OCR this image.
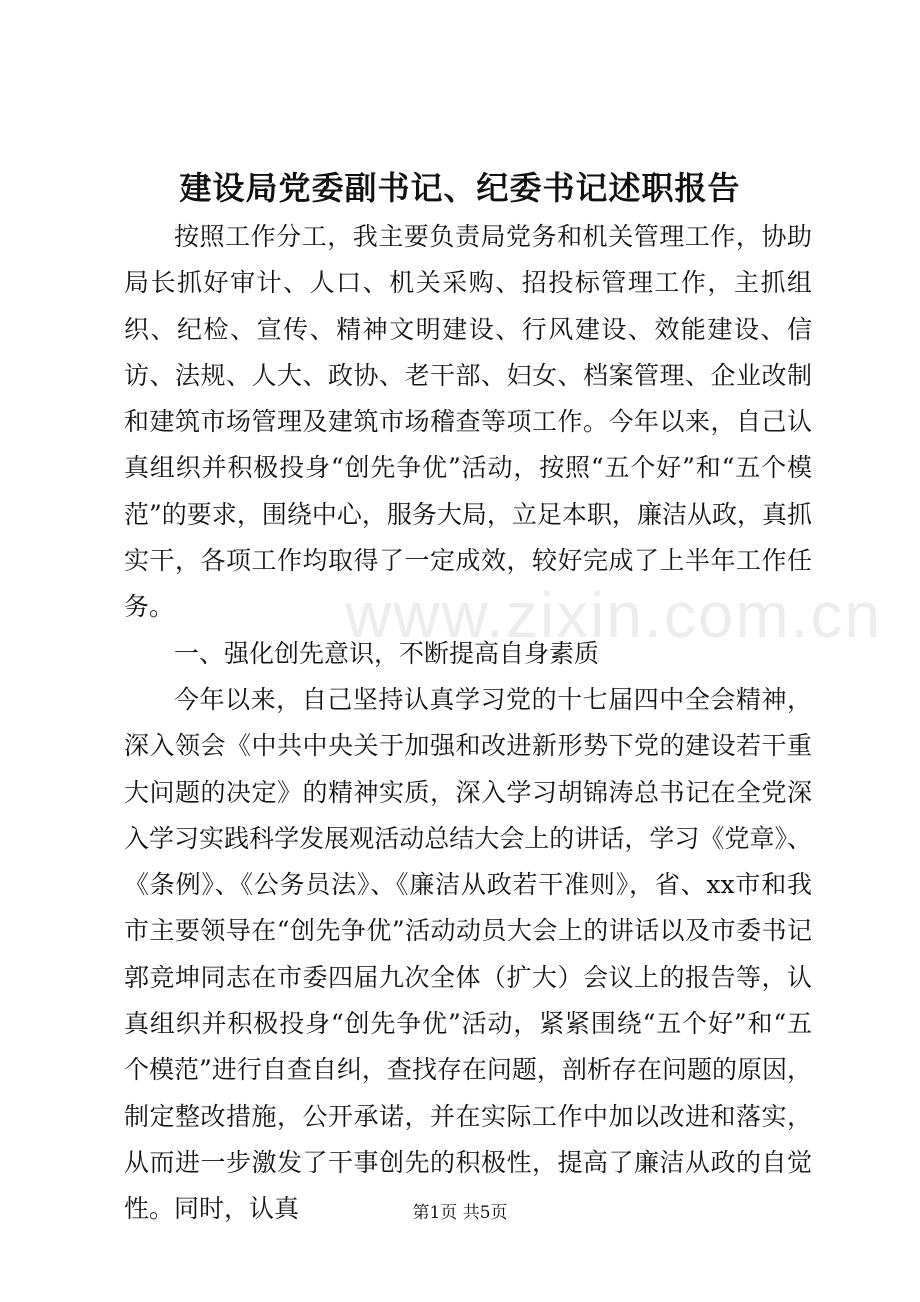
www.zixin.com.cn
建设局党委副书记、纪委书记述职报告

按照工作分工，我主要负责局党务和机关管理工作，协助局长抓好审计、人口、机关采购、招投标管理工作，主抓组织、纪检、宣传、精神文明建设、行风建设、效能建设、信访、法规、人大、政协、老干部、妇女、档案管理、企业改制和建筑市场管理及建筑市场稽查等项工作。今年以来，自己认真组织并积极投身“创先争优”活动，按照“五个好”和“五个模范”的要求，围绕中心，服务大局，立足本职，廉洁从政，真抓实干，各项工作均取得了一定成效，较好完成了上半年工作任务。

一、强化创先意识，不断提高自身素质

今年以来，自己坚持认真学习党的十七届四中全会精神，深入领会《中共中央关于加强和改进新形势下党的建设若干重大问题的决定》的精神实质，深入学习胡锦涛总书记在全党深入学习实践科学发展观活动总结大会上的讲话，学习《党章》、《条例》、《公务员法》、《廉洁从政若干准则》，省、xx市和我市主要领导在“创先争优”活动动员大会上的讲话以及市委书记郭竞坤同志在市委四届九次全体（扩大）会议上的报告等，认真组织并积极投身“创先争优”活动，紧紧围绕“五个好”和“五个模范”进行自查自纠，查找存在问题，剖析存在问题的原因，制定整改措施，公开承诺，并在实际工作中加以改进和落实，从而进一步激发了干事创先的积极性，提高了廉洁从政的自觉性。同时，认真	第1页 共5页
